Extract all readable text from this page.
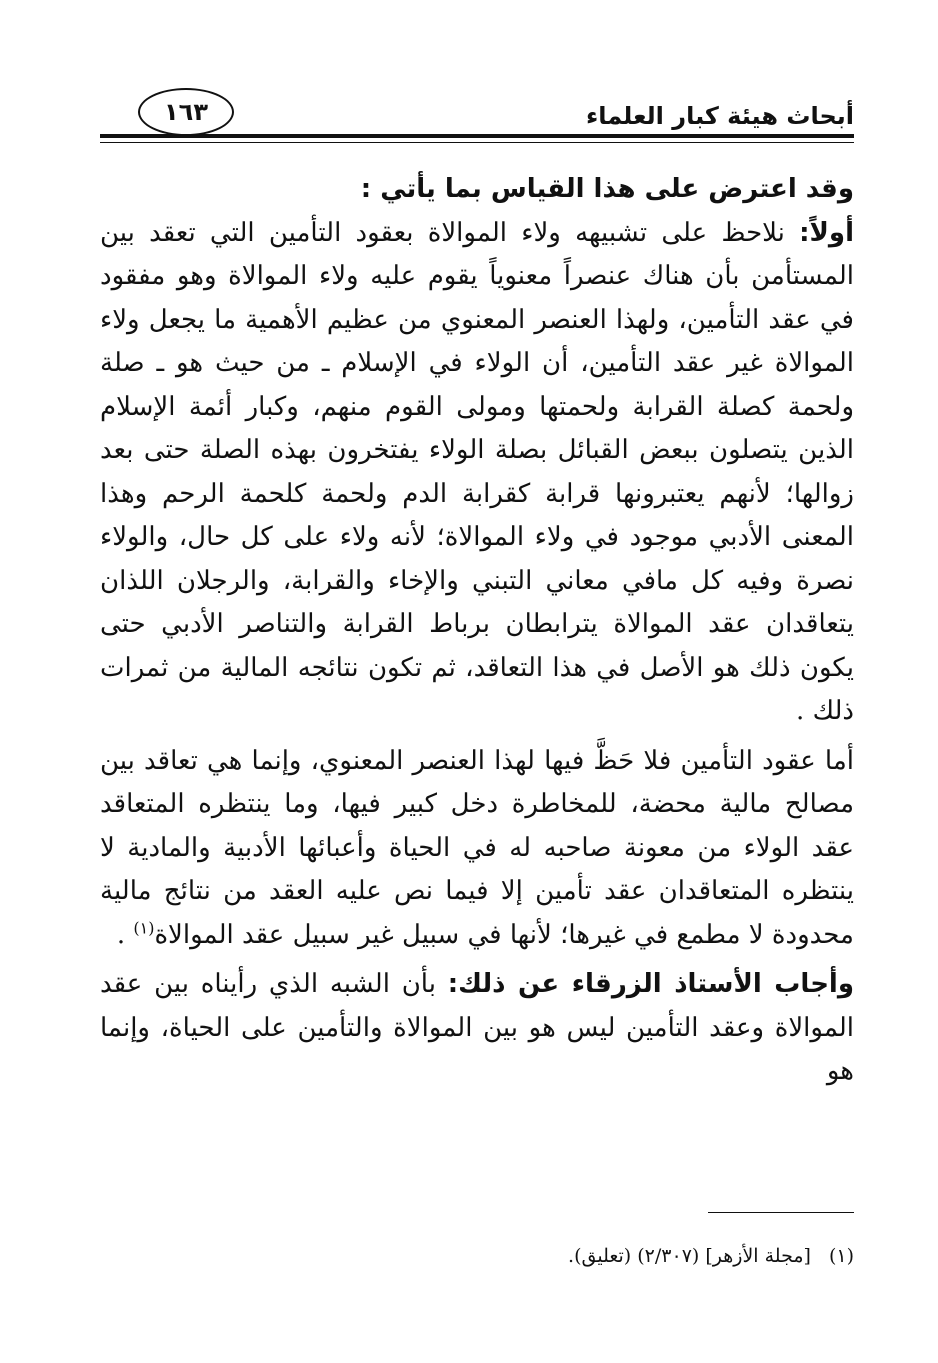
أبحاث هيئة كبار العلماء
١٦٣

وقد اعترض على هذا القياس بما يأتي :

أولاً: نلاحظ على تشبيهه ولاء الموالاة بعقود التأمين التي تعقد بين المستأمن بأن هناك عنصراً معنوياً يقوم عليه ولاء الموالاة وهو مفقود في عقد التأمين، ولهذا العنصر المعنوي من عظيم الأهمية ما يجعل ولاء الموالاة غير عقد التأمين، أن الولاء في الإسلام ـ من حيث هو ـ صلة ولحمة كصلة القرابة ولحمتها ومولى القوم منهم، وكبار أئمة الإسلام الذين يتصلون ببعض القبائل بصلة الولاء يفتخرون بهذه الصلة حتى بعد زوالها؛ لأنهم يعتبرونها قرابة كقرابة الدم ولحمة كلحمة الرحم وهذا المعنى الأدبي موجود في ولاء الموالاة؛ لأنه ولاء على كل حال، والولاء نصرة وفيه كل مافي معاني التبني والإخاء والقرابة، والرجلان اللذان يتعاقدان عقد الموالاة يترابطان برباط القرابة والتناصر الأدبي حتى يكون ذلك هو الأصل في هذا التعاقد، ثم تكون نتائجه المالية من ثمرات ذلك .

أما عقود التأمين فلا حَظَّ فيها لهذا العنصر المعنوي، وإنما هي تعاقد بين مصالح مالية محضة، للمخاطرة دخل كبير فيها، وما ينتظره المتعاقد عقد الولاء من معونة صاحبه له في الحياة وأعبائها الأدبية والمادية لا ينتظره المتعاقدان عقد تأمين إلا فيما نص عليه العقد من نتائج مالية محدودة لا مطمع في غيرها؛ لأنها في سبيل غير سبيل عقد الموالاة$^{(١)}$ .

وأجاب الأستاذ الزرقاء عن ذلك: بأن الشبه الذي رأيناه بين عقد الموالاة وعقد التأمين ليس هو بين الموالاة والتأمين على الحياة، وإنما هو

(١)[مجلة الأزهر] (٢/٣٠٧) (تعليق).
